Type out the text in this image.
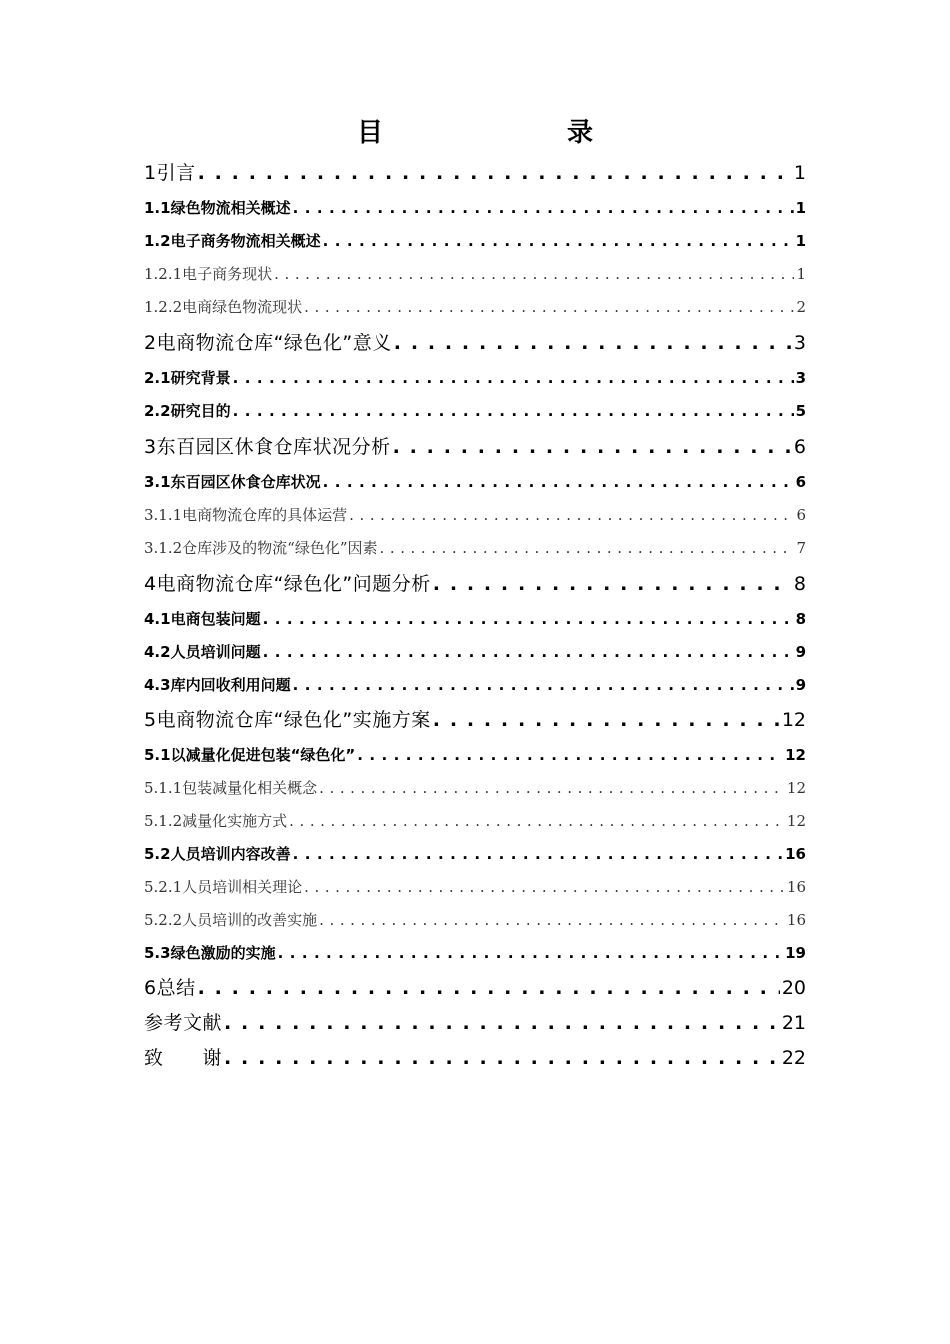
目　　录
1引言 . . .	1
1.1绿色物流相关概述 . . .	1
1.2电子商务物流相关概述 . . .	1
1.2.1电子商务现状 . . .	1
1.2.2电商绿色物流现状 . . .	2
2电商物流仓库“绿色化”意义 . . .	3
2.1研究背景 . . .	3
2.2研究目的 . . .	5
3东百园区休食仓库状况分析 . . .	6
3.1东百园区休食仓库状况 . . .	6
3.1.1电商物流仓库的具体运营 . . .	6
3.1.2仓库涉及的物流“绿色化”因素 . . .	7
4电商物流仓库“绿色化”问题分析 . . .	8
4.1电商包装问题 . . .	8
4.2人员培训问题 . . .	9
4.3库内回收利用问题 . . .	9
5电商物流仓库“绿色化”实施方案 . . .	12
5.1以减量化促进包装“绿色化” . . .	12
5.1.1包装减量化相关概念 . . .	12
5.1.2减量化实施方式 . . .	12
5.2人员培训内容改善 . . .	16
5.2.1人员培训相关理论 . . .	16
5.2.2人员培训的改善实施 . . .	16
5.3绿色激励的实施 . . .	19
6总结 . . .	20
参考文献 . . .	21
致　　谢 . . .	22
